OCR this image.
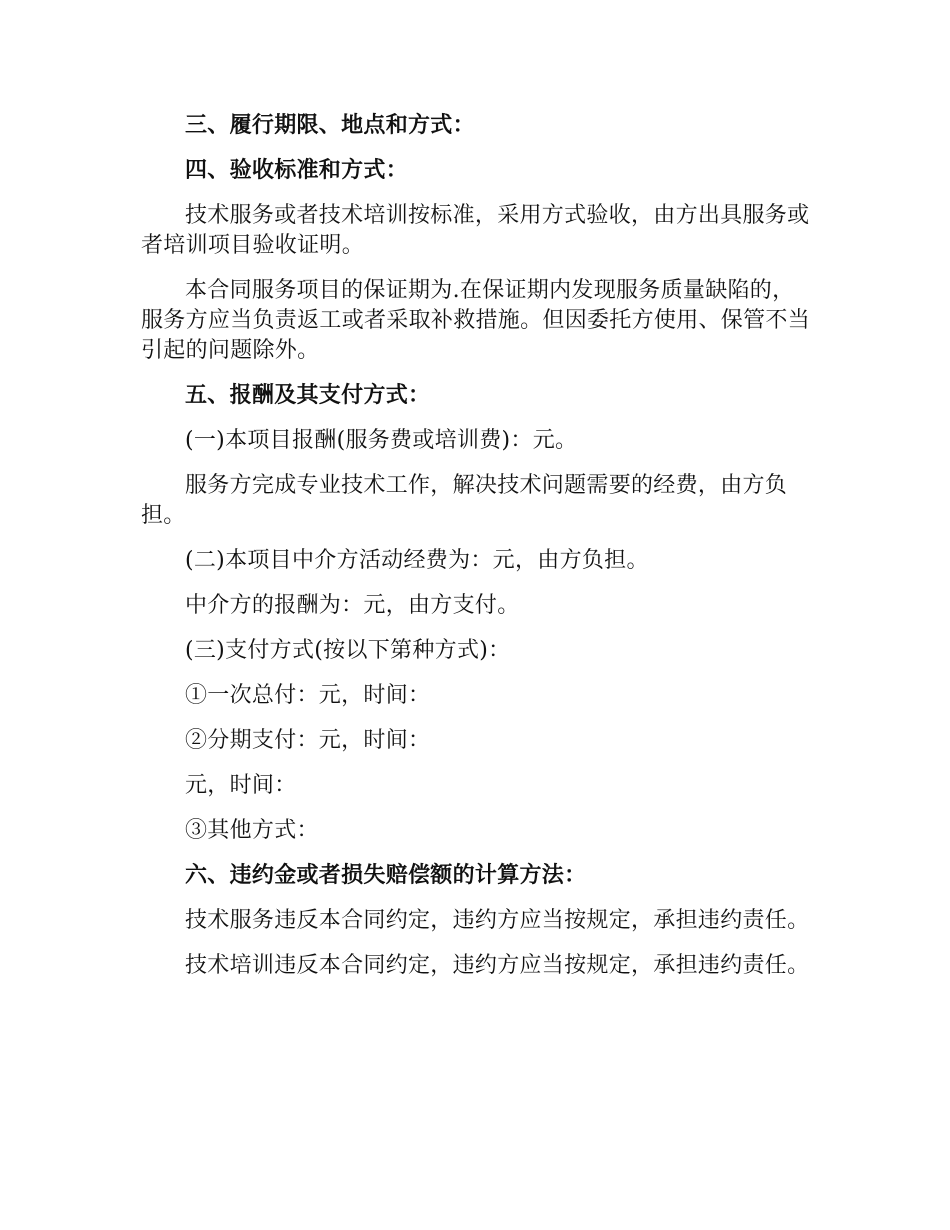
三、履行期限、地点和方式：

四、验收标准和方式：

技术服务或者技术培训按标准，采用方式验收，由方出具服务或者培训项目验收证明。

本合同服务项目的保证期为.在保证期内发现服务质量缺陷的，服务方应当负责返工或者采取补救措施。但因委托方使用、保管不当引起的问题除外。

五、报酬及其支付方式：

(一)本项目报酬(服务费或培训费)：元。

服务方完成专业技术工作，解决技术问题需要的经费，由方负担。

(二)本项目中介方活动经费为：元，由方负担。

中介方的报酬为：元，由方支付。

(三)支付方式(按以下第种方式)：

①一次总付：元，时间：

②分期支付：元，时间：

元，时间：

③其他方式：

六、违约金或者损失赔偿额的计算方法：

技术服务违反本合同约定，违约方应当按规定，承担违约责任。

技术培训违反本合同约定，违约方应当按规定，承担违约责任。
